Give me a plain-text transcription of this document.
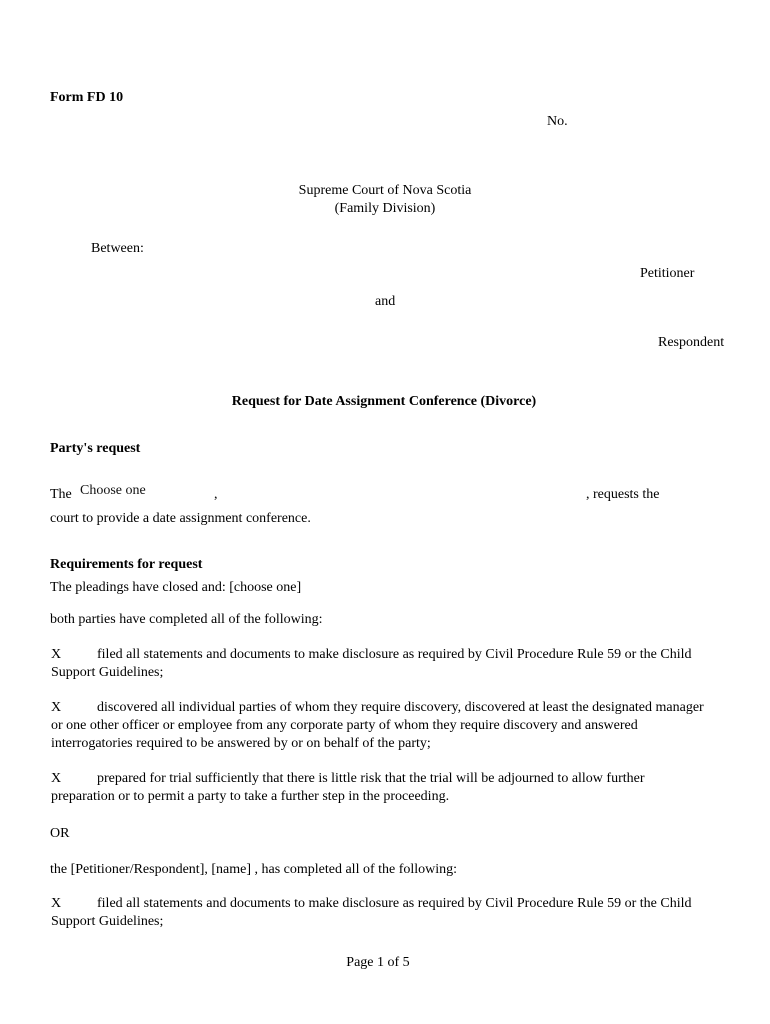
Form FD 10
No.
Supreme Court of Nova Scotia
(Family Division)
Between:
Petitioner
and
Respondent
Request for Date Assignment Conference (Divorce)
Party's request
The Choose one	,	, requests the
court to provide a date assignment conference.
Requirements for request
The pleadings have closed and: [choose one]
both parties have completed all of the following:
X	filed all statements and documents to make disclosure as required by Civil Procedure Rule 59 or the Child Support Guidelines;
X	discovered all individual parties of whom they require discovery, discovered at least the designated manager or one other officer or employee from any corporate party of whom they require discovery and answered interrogatories required to be answered by or on behalf of the party;
X	prepared for trial sufficiently that there is little risk that the trial will be adjourned to allow further preparation or to permit a party to take a further step in the proceeding.
OR
the [Petitioner/Respondent], [name] , has completed all of the following:
X	filed all statements and documents to make disclosure as required by Civil Procedure Rule 59 or the Child Support Guidelines;
Page 1 of 5
